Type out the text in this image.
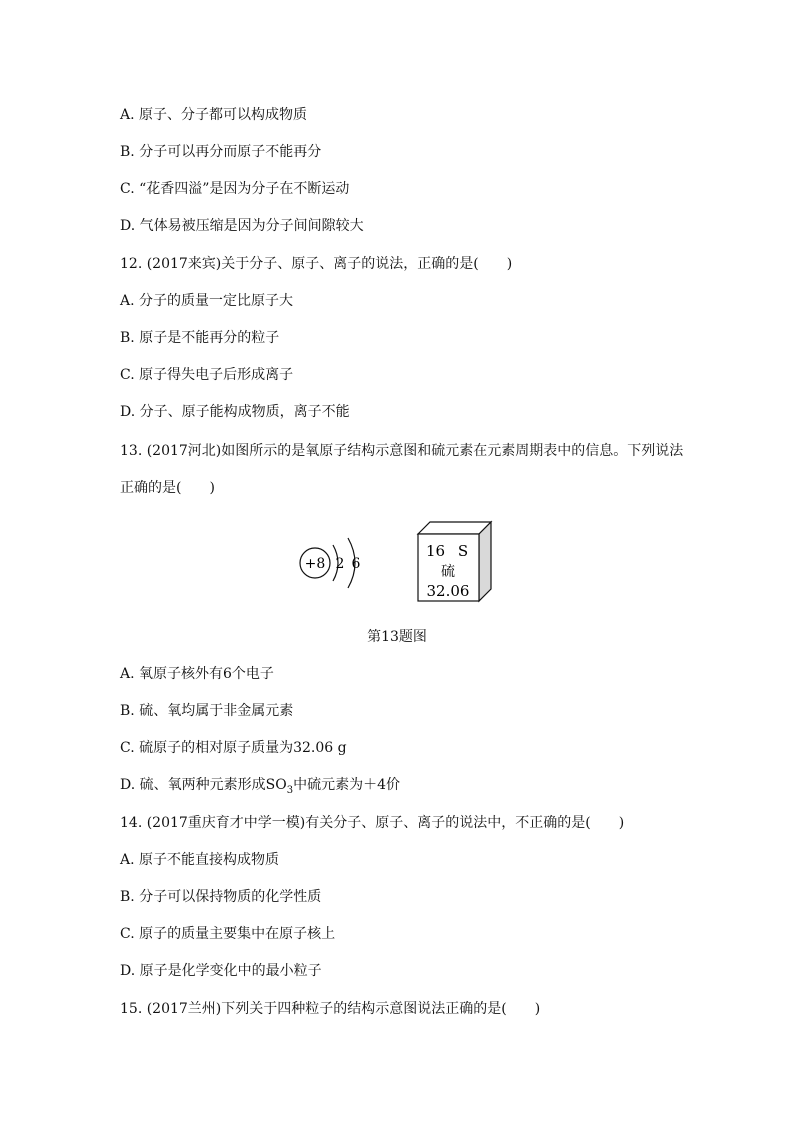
A. 原子、分子都可以构成物质
B. 分子可以再分而原子不能再分
C. “花香四溢”是因为分子在不断运动
D. 气体易被压缩是因为分子间间隙较大
12. (2017来宾)关于分子、原子、离子的说法，正确的是(　　)
A. 分子的质量一定比原子大
B. 原子是不能再分的粒子
C. 原子得失电子后形成离子
D. 分子、原子能构成物质，离子不能
13. (2017河北)如图所示的是氧原子结构示意图和硫元素在元素周期表中的信息。下列说法
正确的是(　　)
+8 2 6
16 S
硫
32.06
第13题图
A. 氧原子核外有6个电子
B. 硫、氧均属于非金属元素
C. 硫原子的相对原子质量为32.06 g
D. 硫、氧两种元素形成$SO_3$中硫元素为＋4价
14. (2017重庆育才中学一模)有关分子、原子、离子的说法中，不正确的是(　　)
A. 原子不能直接构成物质
B. 分子可以保持物质的化学性质
C. 原子的质量主要集中在原子核上
D. 原子是化学变化中的最小粒子
15. (2017兰州)下列关于四种粒子的结构示意图说法正确的是(　　)
